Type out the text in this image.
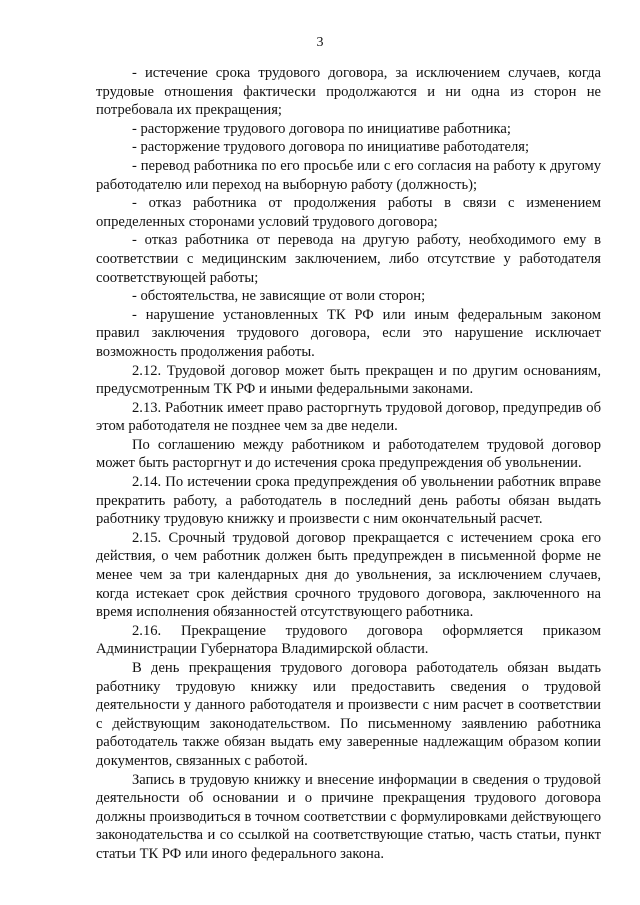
3

- истечение срока трудового договора, за исключением случаев, когда трудовые отношения фактически продолжаются и ни одна из сторон не потребовала их прекращения;

- расторжение трудового договора по инициативе работника;

- расторжение трудового договора по инициативе работодателя;

- перевод работника по его просьбе или с его согласия на работу к другому работодателю или переход на выборную работу (должность);

- отказ работника от продолжения работы в связи с изменением определенных сторонами условий трудового договора;

- отказ работника от перевода на другую работу, необходимого ему в соответствии с медицинским заключением, либо отсутствие у работодателя соответствующей работы;

- обстоятельства, не зависящие от воли сторон;

- нарушение установленных ТК РФ или иным федеральным законом правил заключения трудового договора, если это нарушение исключает возможность продолжения работы.

2.12. Трудовой договор может быть прекращен и по другим основаниям, предусмотренным ТК РФ и иными федеральными законами.

2.13. Работник имеет право расторгнуть трудовой договор, предупредив об этом работодателя не позднее чем за две недели.

По соглашению между работником и работодателем трудовой договор может быть расторгнут и до истечения срока предупреждения об увольнении.

2.14. По истечении срока предупреждения об увольнении работник вправе прекратить работу, а работодатель в последний день работы обязан выдать работнику трудовую книжку и произвести с ним окончательный расчет.

2.15. Срочный трудовой договор прекращается с истечением срока его действия, о чем работник должен быть предупрежден в письменной форме не менее чем за три календарных дня до увольнения, за исключением случаев, когда истекает срок действия срочного трудового договора, заключенного на время исполнения обязанностей отсутствующего работника.

2.16. Прекращение трудового договора оформляется приказом Администрации Губернатора Владимирской области.

В день прекращения трудового договора работодатель обязан выдать работнику трудовую книжку или предоставить сведения о трудовой деятельности у данного работодателя и произвести с ним расчет в соответствии с действующим законодательством. По письменному заявлению работника работодатель также обязан выдать ему заверенные надлежащим образом копии документов, связанных с работой.

Запись в трудовую книжку и внесение информации в сведения о трудовой деятельности об основании и о причине прекращения трудового договора должны производиться в точном соответствии с формулировками действующего законодательства и со ссылкой на соответствующие статью, часть статьи, пункт статьи ТК РФ или иного федерального закона.
